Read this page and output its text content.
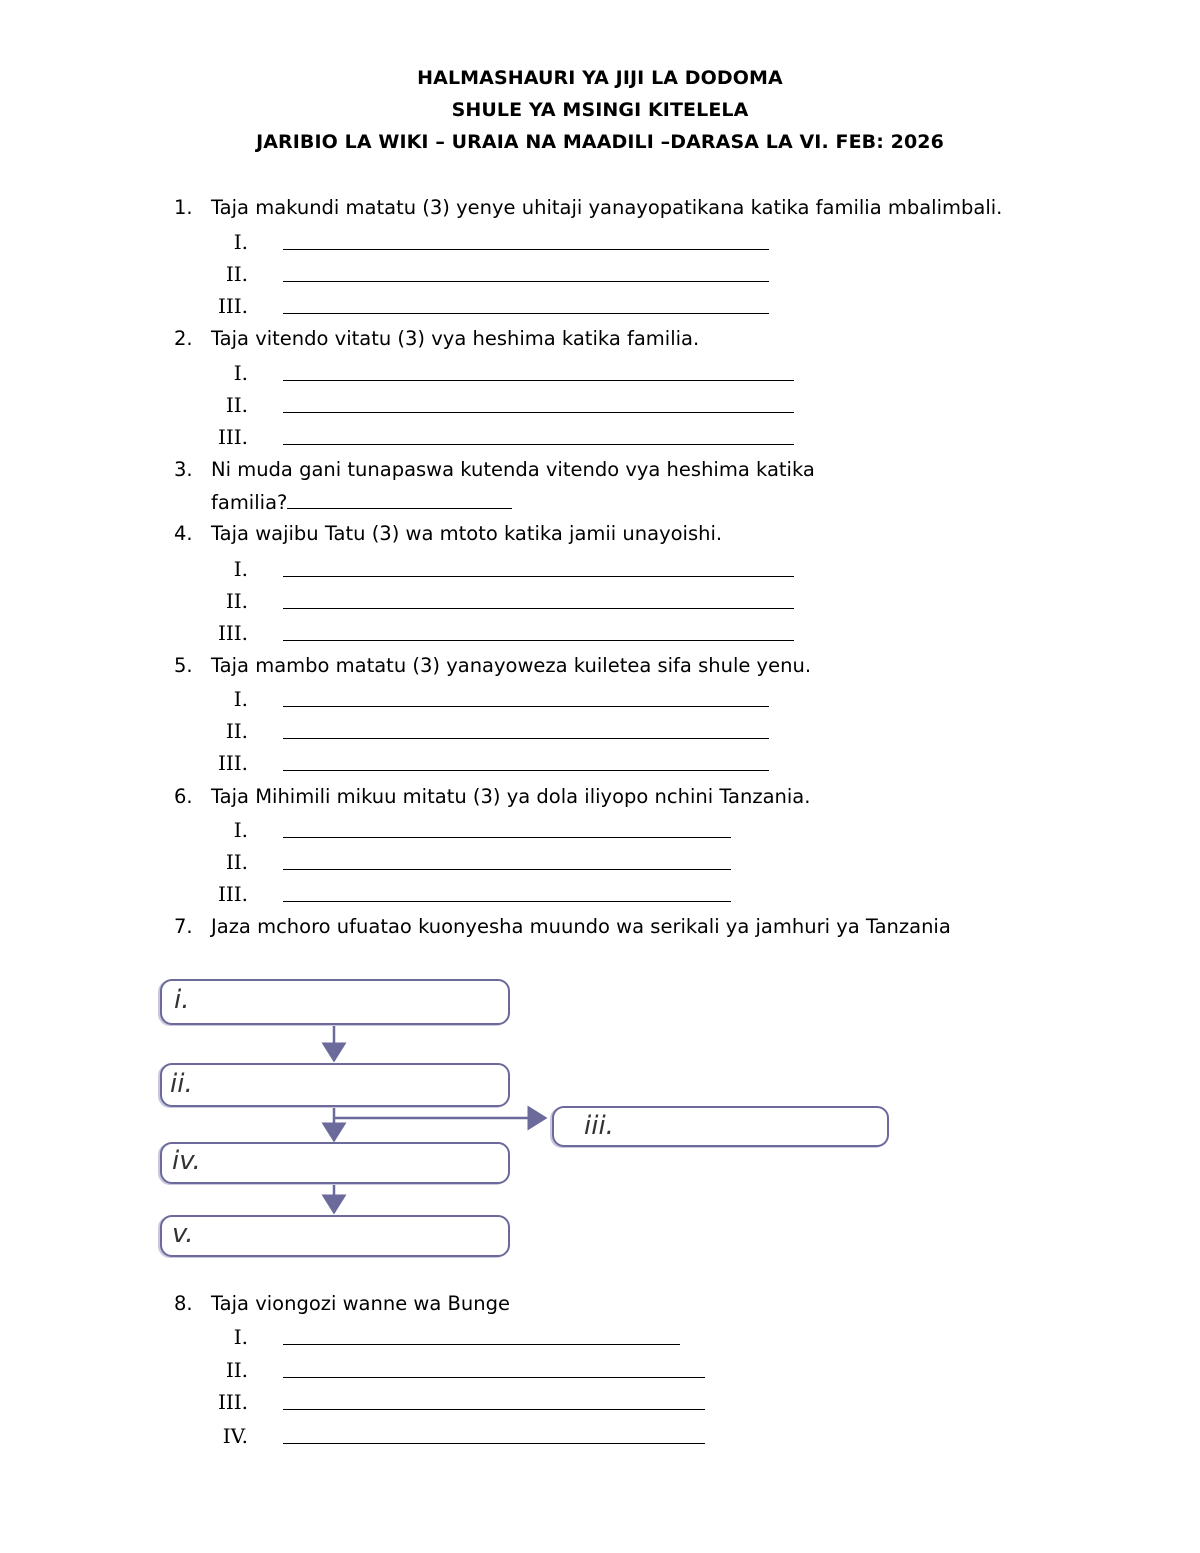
HALMASHAURI YA JIJI LA DODOMA
SHULE YA MSINGI KITELELA
JARIBIO LA WIKI – URAIA NA MAADILI –DARASA LA VI. FEB: 2026
1. Taja makundi matatu (3) yenye uhitaji yanayopatikana katika familia mbalimbali.
I.
II.
III.
2. Taja vitendo vitatu (3) vya heshima katika familia.
I.
II.
III.
3. Ni muda gani tunapaswa kutenda vitendo vya heshima katika
familia?
4. Taja wajibu Tatu (3) wa mtoto katika jamii unayoishi.
I.
II.
III.
5. Taja mambo matatu (3) yanayoweza kuiletea sifa shule yenu.
I.
II.
III.
6. Taja Mihimili mikuu mitatu (3) ya dola iliyopo nchini Tanzania.
I.
II.
III.
7. Jaza mchoro ufuatao kuonyesha muundo wa serikali ya jamhuri ya Tanzania
i.
ii.
iii.
iv.
v.
8. Taja viongozi wanne wa Bunge
I.
II.
III.
IV.
